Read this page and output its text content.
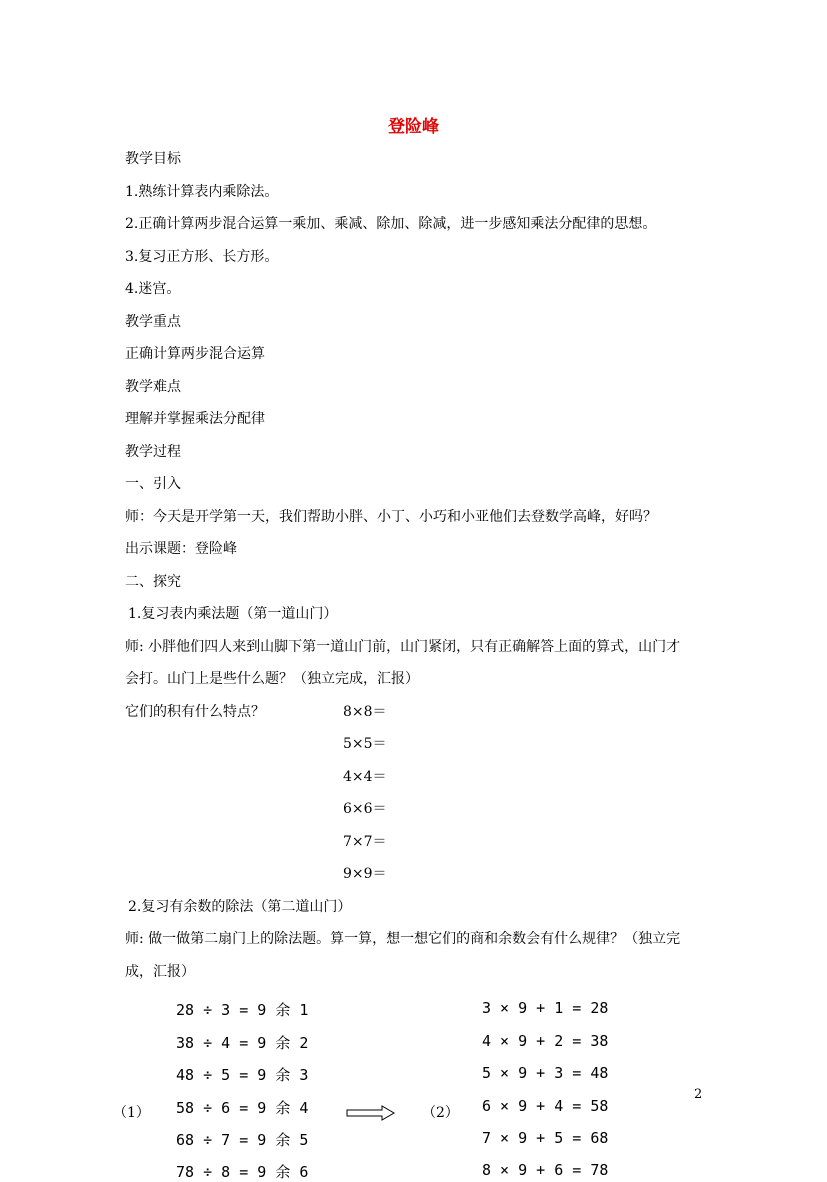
登险峰
教学目标
1.熟练计算表内乘除法。
2.正确计算两步混合运算一乘加、乘减、除加、除减，进一步感知乘法分配律的思想。
3.复习正方形、长方形。
4.迷宫。
教学重点
正确计算两步混合运算
教学难点
理解并掌握乘法分配律
教学过程
一、引入
师：今天是开学第一天，我们帮助小胖、小丁、小巧和小亚他们去登数学高峰，好吗？
出示课题：登险峰
二、探究
1.复习表内乘法题（第一道山门）
师: 小胖他们四人来到山脚下第一道山门前，山门紧闭，只有正确解答上面的算式，山门才
会打。山门上是些什么题？（独立完成，汇报）
它们的积有什么特点？	8×8＝
5×5＝
4×4＝
6×6＝
7×7＝
9×9＝
2.复习有余数的除法（第二道山门）
师: 做一做第二扇门上的除法题。算一算，想一想它们的商和余数会有什么规律？（独立完
成，汇报）
28 ÷ 3 = 9 余 1
38 ÷ 4 = 9 余 2
48 ÷ 5 = 9 余 3
58 ÷ 6 = 9 余 4
68 ÷ 7 = 9 余 5
78 ÷ 8 = 9 余 6
3 × 9 + 1 = 28
4 × 9 + 2 = 38
5 × 9 + 3 = 48
6 × 9 + 4 = 58
7 × 9 + 5 = 68
8 × 9 + 6 = 78
（1）	（2）
2
